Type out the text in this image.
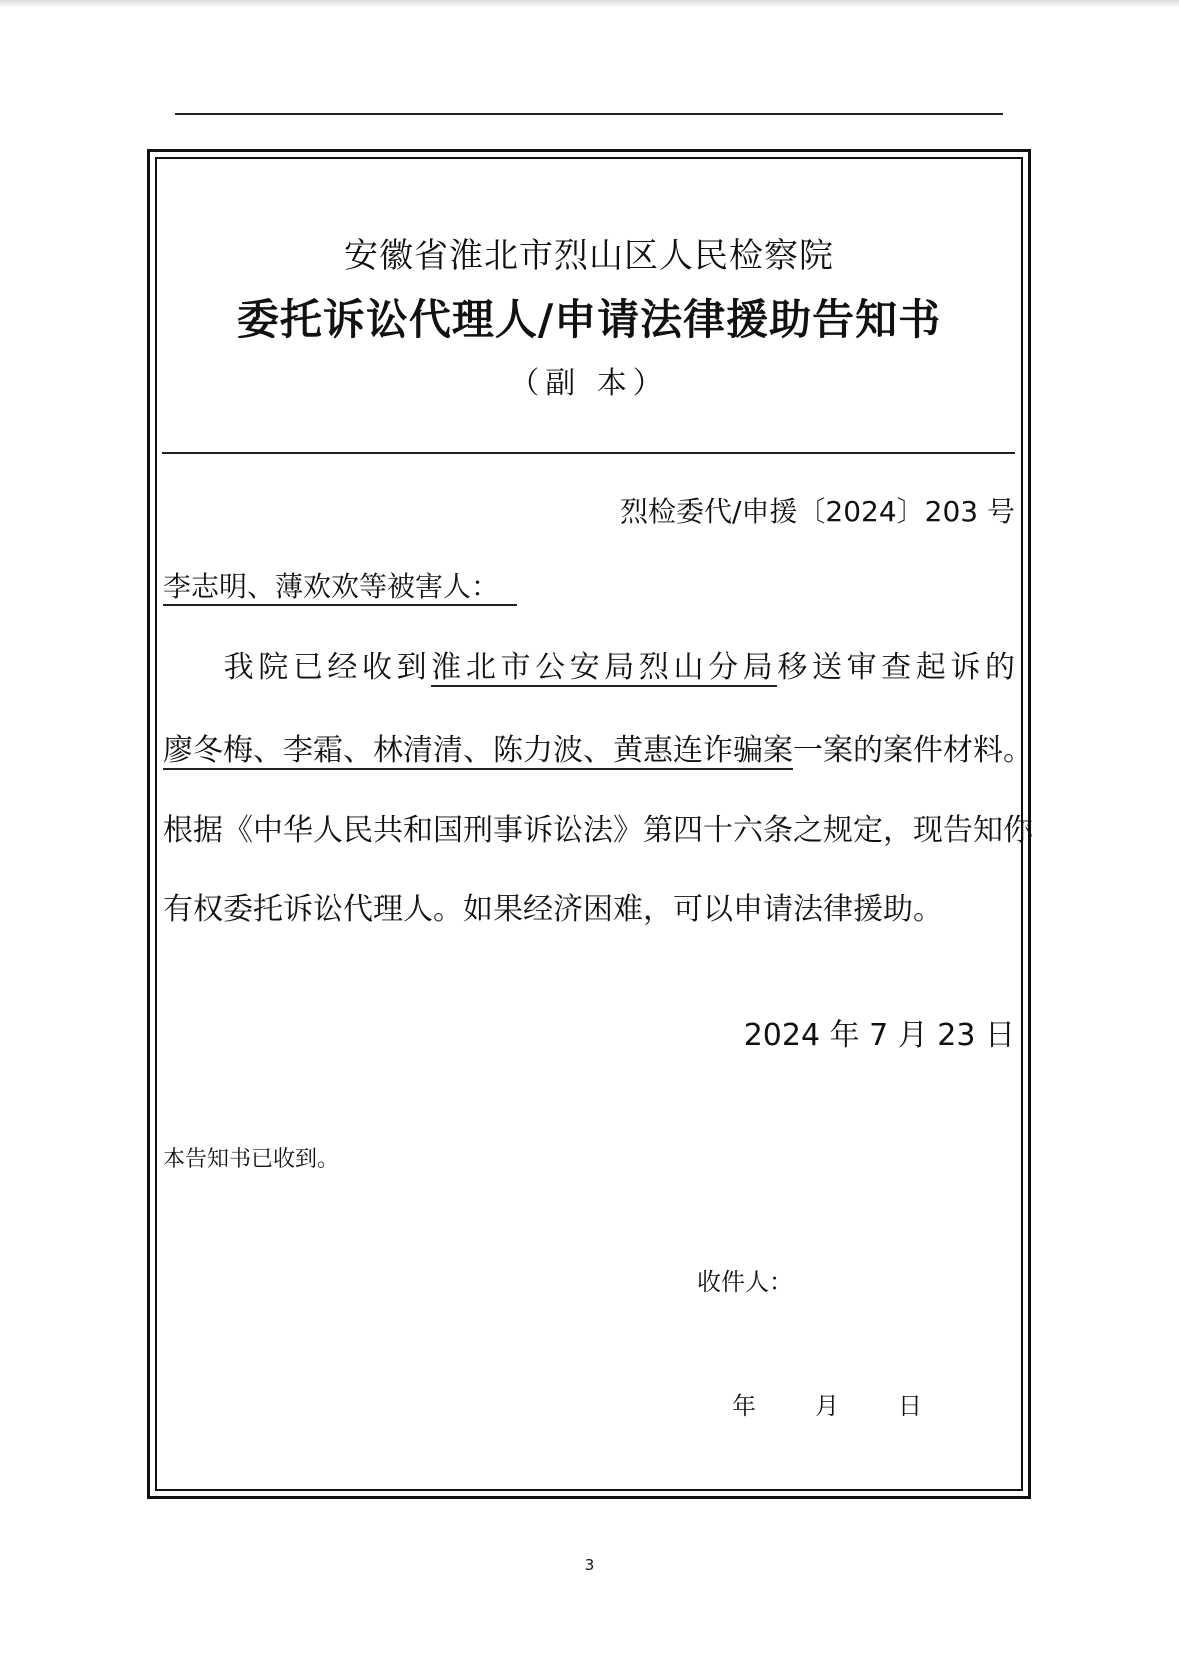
安徽省淮北市烈山区人民检察院
委托诉讼代理人/申请法律援助告知书
（副 本）
烈检委代/申援〔2024〕203 号
李志明、薄欢欢等被害人：
我院已经收到淮北市公安局烈山分局移送审查起诉的
廖冬梅、李霜、林清清、陈力波、黄惠连诈骗案一案的案件材料。
根据《中华人民共和国刑事诉讼法》第四十六条之规定，现告知你
有权委托诉讼代理人。如果经济困难，可以申请法律援助。
2024 年 7 月 23 日
本告知书已收到。
收件人：
年 月 日
3
